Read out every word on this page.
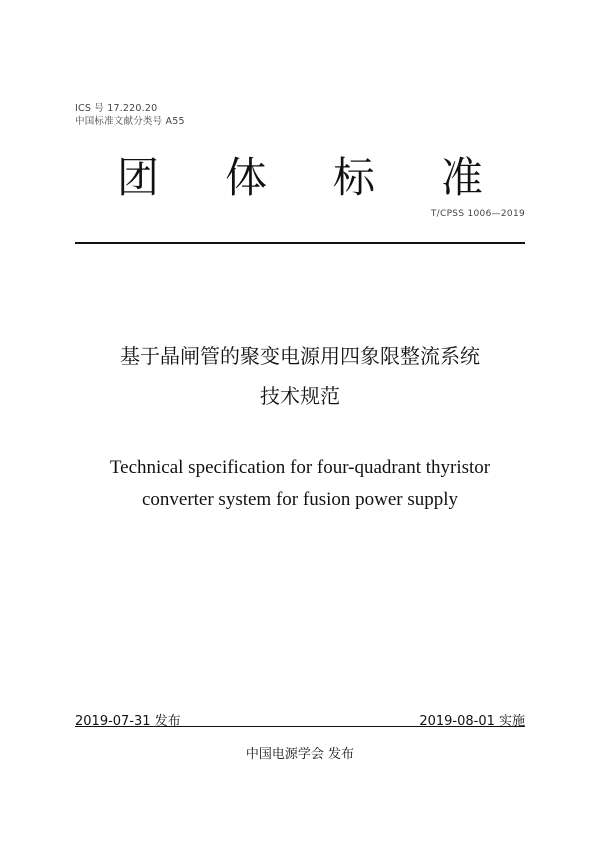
ICS 号 17.220.20
中国标准文献分类号 A55
团	体	标	准
T/CPSS 1006—2019
基于晶闸管的聚变电源用四象限整流系统
技术规范
Technical specification for four-quadrant thyristor
converter system for fusion power supply
2019-07-31 发布	2019-08-01 实施
中国电源学会 发布
